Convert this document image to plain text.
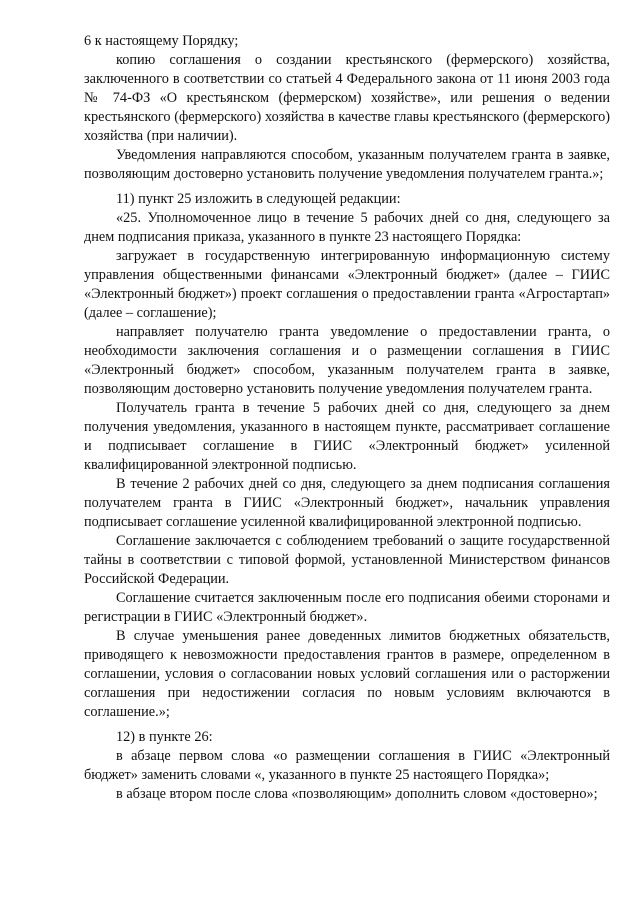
6 к настоящему Порядку;

копию соглашения о создании крестьянского (фермерского) хозяйства, заключенного в соответствии со статьей 4 Федерального закона от 11 июня 2003 года № 74-ФЗ «О крестьянском (фермерском) хозяйстве», или решения о ведении крестьянского (фермерского) хозяйства в качестве главы крестьянского (фермерского) хозяйства (при наличии).

Уведомления направляются способом, указанным получателем гранта в заявке, позволяющим достоверно установить получение уведомления получателем гранта.»;

11) пункт 25 изложить в следующей редакции:

«25. Уполномоченное лицо в течение 5 рабочих дней со дня, следующего за днем подписания приказа, указанного в пункте 23 настоящего Порядка:

загружает в государственную интегрированную информационную систему управления общественными финансами «Электронный бюджет» (далее – ГИИС «Электронный бюджет») проект соглашения о предоставлении гранта «Агростартап» (далее – соглашение);

направляет получателю гранта уведомление о предоставлении гранта, о необходимости заключения соглашения и о размещении соглашения в ГИИС «Электронный бюджет» способом, указанным получателем гранта в заявке, позволяющим достоверно установить получение уведомления получателем гранта.

Получатель гранта в течение 5 рабочих дней со дня, следующего за днем получения уведомления, указанного в настоящем пункте, рассматривает соглашение и подписывает соглашение в ГИИС «Электронный бюджет» усиленной квалифицированной электронной подписью.

В течение 2 рабочих дней со дня, следующего за днем подписания соглашения получателем гранта в ГИИС «Электронный бюджет», начальник управления подписывает соглашение усиленной квалифицированной электронной подписью.

Соглашение заключается с соблюдением требований о защите государственной тайны в соответствии с типовой формой, установленной Министерством финансов Российской Федерации.

Соглашение считается заключенным после его подписания обеими сторонами и регистрации в ГИИС «Электронный бюджет».

В случае уменьшения ранее доведенных лимитов бюджетных обязательств, приводящего к невозможности предоставления грантов в размере, определенном в соглашении, условия о согласовании новых условий соглашения или о расторжении соглашения при недостижении согласия по новым условиям включаются в соглашение.»;

12) в пункте 26:

в абзаце первом слова «о размещении соглашения в ГИИС «Электронный бюджет» заменить словами «, указанного в пункте 25 настоящего Порядка»;

в абзаце втором после слова «позволяющим» дополнить словом «достоверно»;
